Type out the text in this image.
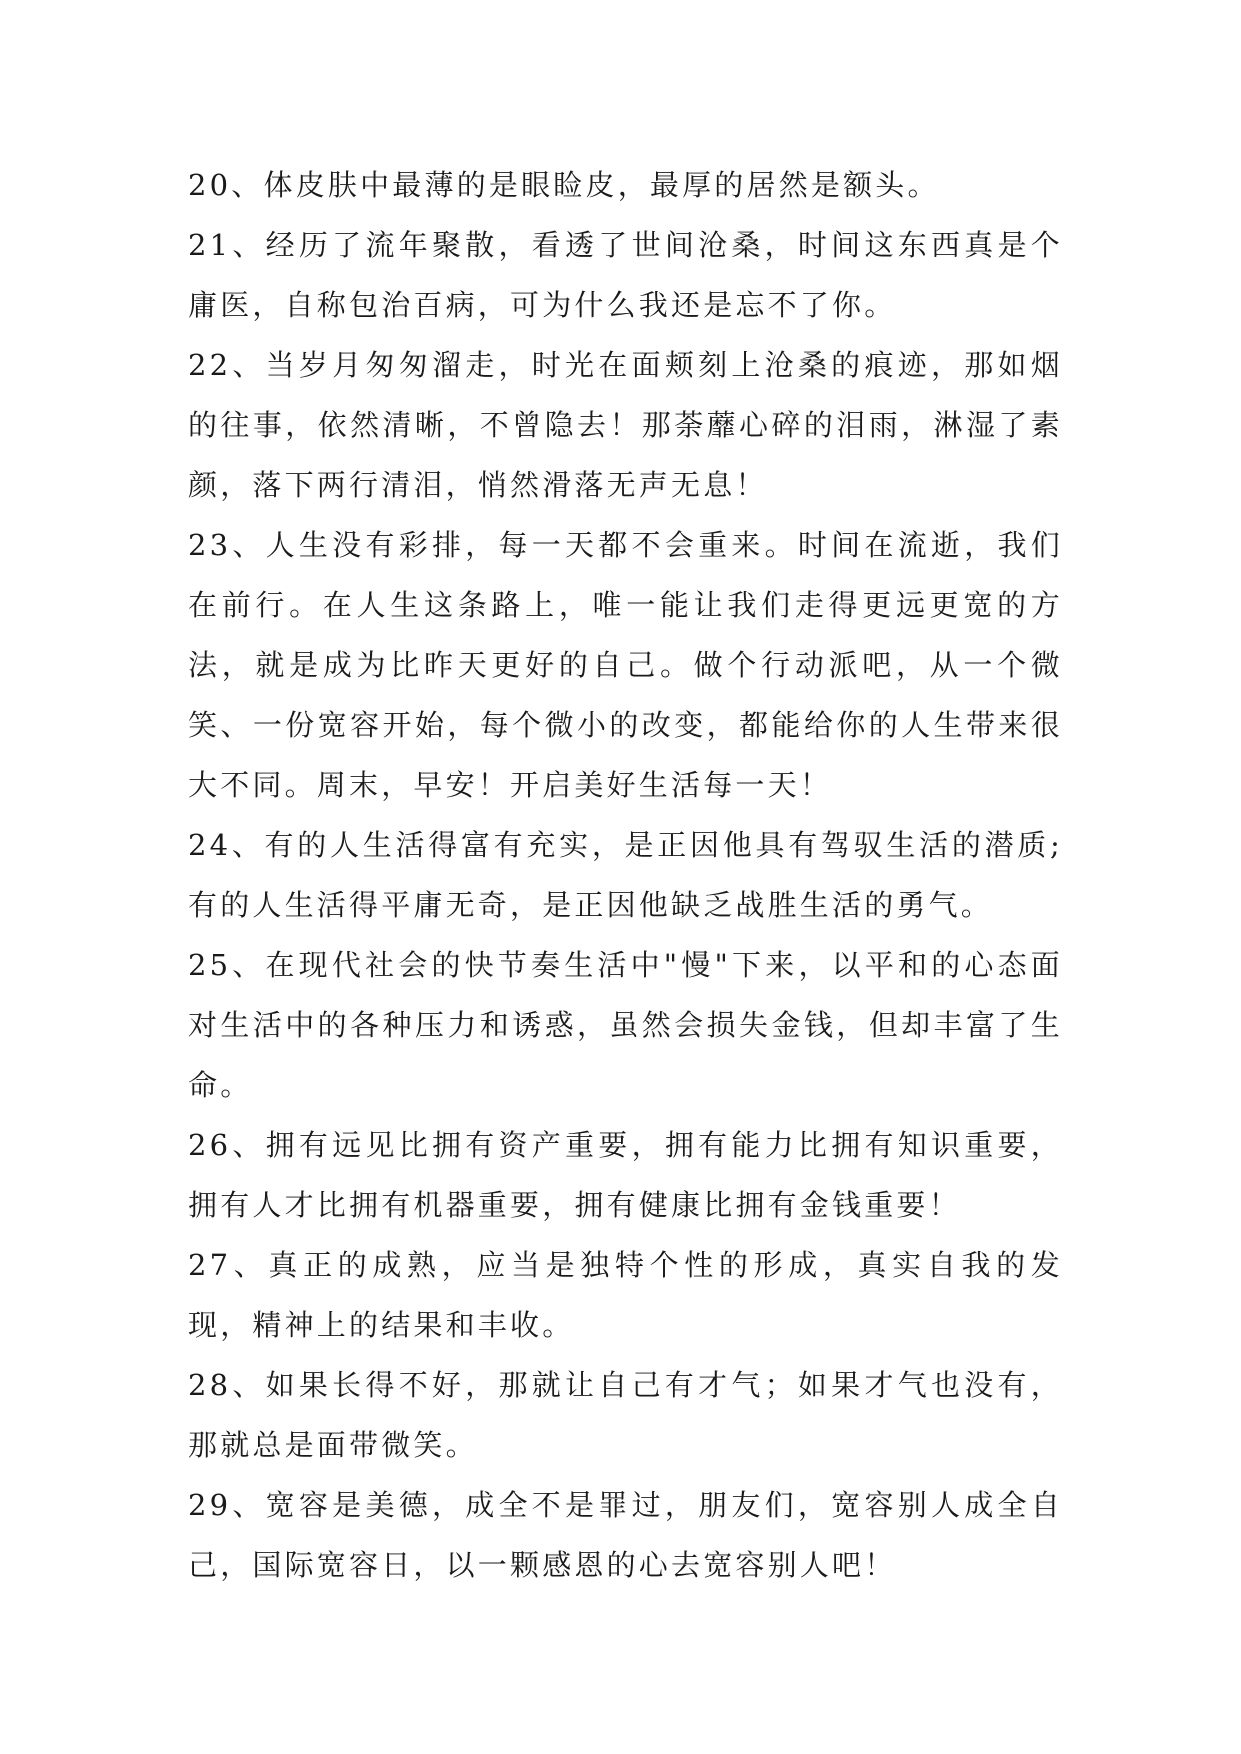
20、体皮肤中最薄的是眼睑皮，最厚的居然是额头。

21、经历了流年聚散，看透了世间沧桑，时间这东西真是个庸医，自称包治百病，可为什么我还是忘不了你。

22、当岁月匆匆溜走，时光在面颊刻上沧桑的痕迹，那如烟的往事，依然清晰，不曾隐去！那荼蘼心碎的泪雨，淋湿了素颜，落下两行清泪，悄然滑落无声无息！

23、人生没有彩排，每一天都不会重来。时间在流逝，我们在前行。在人生这条路上，唯一能让我们走得更远更宽的方法，就是成为比昨天更好的自己。做个行动派吧，从一个微笑、一份宽容开始，每个微小的改变，都能给你的人生带来很大不同。周末，早安！开启美好生活每一天！

24、有的人生活得富有充实，是正因他具有驾驭生活的潜质;有的人生活得平庸无奇，是正因他缺乏战胜生活的勇气。

25、在现代社会的快节奏生活中"慢"下来，以平和的心态面对生活中的各种压力和诱惑，虽然会损失金钱，但却丰富了生命。

26、拥有远见比拥有资产重要，拥有能力比拥有知识重要，拥有人才比拥有机器重要，拥有健康比拥有金钱重要！

27、真正的成熟，应当是独特个性的形成，真实自我的发现，精神上的结果和丰收。

28、如果长得不好，那就让自己有才气；如果才气也没有，那就总是面带微笑。

29、宽容是美德，成全不是罪过，朋友们，宽容别人成全自己，国际宽容日，以一颗感恩的心去宽容别人吧！
